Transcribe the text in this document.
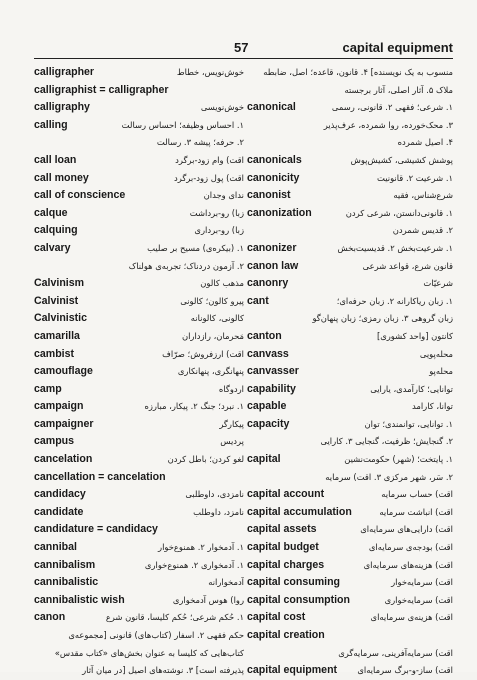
57	capital equipment
calligrapher	خوش‌نویس، خطاط
calligraphist = calligrapher
calligraphy	خوش‌نویسی
calling	۱. احساس وظیفه؛ احساس رسالت
۲. حرفه؛ پیشه ۳. رسالت
call loan	اقت) وام زود-برگرد
call money	اقت) پول زود-برگرد
call of conscience	ندای وجدان
calque	زبا) رو-برداشت
calquing	زبا) رو-برداری
calvary	۱. (بیکره‌ی) مسیح بر صلیب
۲. آزمون دردناک؛ تجربه‌ی هولناک
Calvinism	مذهب کالون
Calvinist	پیرو کالون؛ کالونی
Calvinistic	کالونی، کالونانه
camarilla	مَحرمان، رازداران
cambist	اقت) ارزفروش؛ صرّاف
camouflage	پنهانگری، پنهانکاری
camp	اردوگاه
campaign	۱. نبرد؛ جنگ ۲. پیکار، مبارزه
campaigner	پیکارگر
campus	پردیس
cancelation	لغو کردن؛ باطل کردن
cancellation = cancelation
candidacy	نامزدی، داوطلبی
candidate	نامزد، داوطلب
candidature = candidacy
cannibal	۱. آدمخوار ۲. همنوع‌خوار
cannibalism	۱. آدمخواری ۲. همنوع‌خواری
cannibalistic	آدمخوارانه
cannibalistic wish	روا) هوس آدمخواری
canon	۱. حُکم شرعی؛ حُکم کلیسا، قانون شرع
حکم فقهی ۲. اسفار (کتاب‌های) قانونی [مجموعه‌ی
کتاب‌هایی که کلیسا به عنوان بخش‌های «کتاب مقدس»
پذیرفته است] ۳. نوشته‌های اصیل [در میان آثار
منسوب به یک نویسنده] ۴. قانون، قاعده؛ اصل، ضابطه
ملاک ۵. آثار اصلی، آثار برجسته
canonical	۱. شرعی؛ فقهی ۲. قانونی، رسمی
۳. محک‌خورده، روا شمرده، عرف‌پذیر
۴. اصیل شمرده
canonicals	پوشش کشیشی، کشیش‌پوش
canonicity	۱. شرعیت ۲. قانونیت
canonist	شرع‌شناس، فقیه
canonization	۱. قانونی‌دانستن، شرعی کردن
۲. قدیس شمردن
canonizer	۱. شرعیت‌بخش ۲. قدیسیت‌بخش
canon law	قانون شرع، قواعد شرعی
canonry	شرعیّات
cant	۱. زبان ریاکارانه ۲. زبان حرفه‌ای؛
زبان گروهی ۳. زبان رمزی؛ زبان پنهان‌گو
canton	کانتون [واحد کشوری]
canvass	محله‌پویی
canvasser	محله‌پو
capability	توانایی؛ کارآمدی، یارایی
capable	توانا، کارامد
capacity	۱. توانایی، توانمندی؛ توان
۲. گنجایش؛ ظرفیت، گنجایی ۳. کارایی
capital	۱. پایتخت؛ (شهر) حکومت‌نشین
۲. سَر، شهر مرکزی ۳. اقت) سرمایه
capital account	اقت) حساب سرمایه
capital accumulation	اقت) انباشت سرمایه
capital assets	اقت) دارایی‌های سرمایه‌ای
capital budget	اقت) بودجه‌ی سرمایه‌ای
capital charges	اقت) هزینه‌های سرمایه‌ای
capital consuming	اقت) سرمایه‌خوار
capital consumption	اقت) سرمایه‌خواری
capital cost	اقت) هزینه‌ی سرمایه‌ای
capital creation
اقت) سرمایه‌آفرینی، سرمایه‌گری
capital equipment اقت) ساز-و-برگ سرمایه‌ای
